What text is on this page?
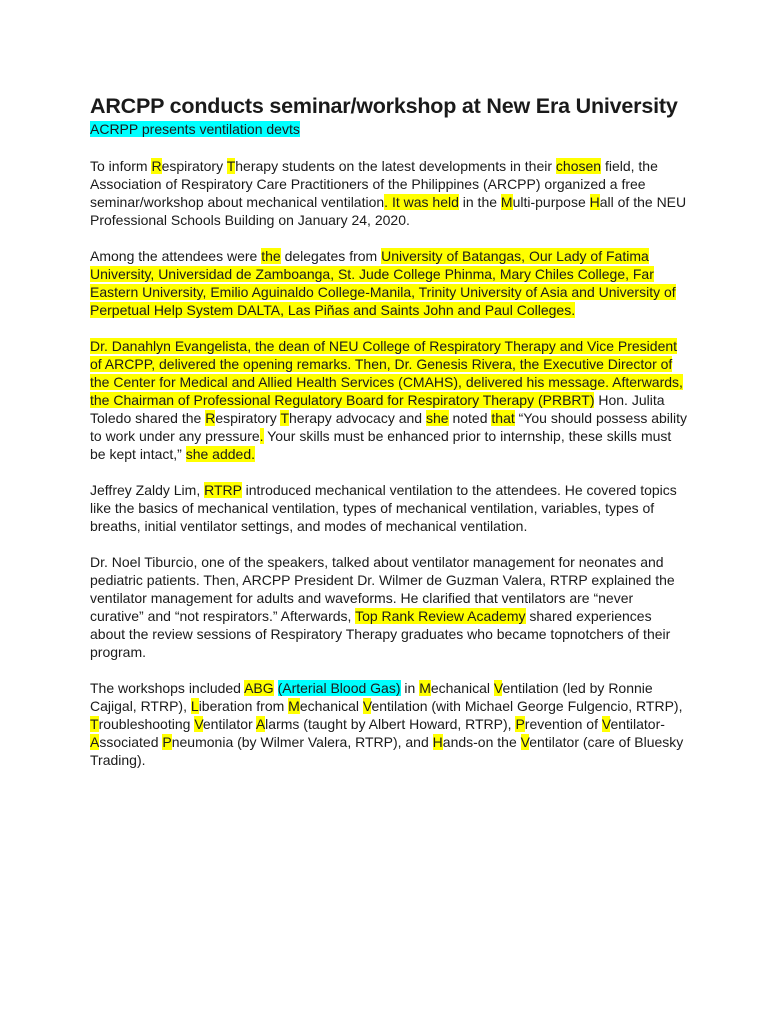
ARCPP conducts seminar/workshop at New Era University
ACRPP presents ventilation devts

To inform Respiratory Therapy students on the latest developments in their chosen field, the Association of Respiratory Care Practitioners of the Philippines (ARCPP) organized a free seminar/workshop about mechanical ventilation. It was held in the Multi-purpose Hall of the NEU Professional Schools Building on January 24, 2020.

Among the attendees were the delegates from University of Batangas, Our Lady of Fatima University, Universidad de Zamboanga, St. Jude College Phinma, Mary Chiles College, Far Eastern University, Emilio Aguinaldo College-Manila, Trinity University of Asia and University of Perpetual Help System DALTA, Las Piñas and Saints John and Paul Colleges.

Dr. Danahlyn Evangelista, the dean of NEU College of Respiratory Therapy and Vice President of ARCPP, delivered the opening remarks. Then, Dr. Genesis Rivera, the Executive Director of the Center for Medical and Allied Health Services (CMAHS), delivered his message. Afterwards, the Chairman of Professional Regulatory Board for Respiratory Therapy (PRBRT) Hon. Julita Toledo shared the Respiratory Therapy advocacy and she noted that “You should possess ability to work under any pressure. Your skills must be enhanced prior to internship, these skills must be kept intact,” she added.

Jeffrey Zaldy Lim, RTRP introduced mechanical ventilation to the attendees. He covered topics like the basics of mechanical ventilation, types of mechanical ventilation, variables, types of breaths, initial ventilator settings, and modes of mechanical ventilation.

Dr. Noel Tiburcio, one of the speakers, talked about ventilator management for neonates and pediatric patients. Then, ARCPP President Dr. Wilmer de Guzman Valera, RTRP explained the ventilator management for adults and waveforms. He clarified that ventilators are “never curative” and “not respirators.” Afterwards, Top Rank Review Academy shared experiences about the review sessions of Respiratory Therapy graduates who became topnotchers of their program.

The workshops included ABG (Arterial Blood Gas) in Mechanical Ventilation (led by Ronnie Cajigal, RTRP), Liberation from Mechanical Ventilation (with Michael George Fulgencio, RTRP), Troubleshooting Ventilator Alarms (taught by Albert Howard, RTRP), Prevention of Ventilator-Associated Pneumonia (by Wilmer Valera, RTRP), and Hands-on the Ventilator (care of Bluesky Trading).
